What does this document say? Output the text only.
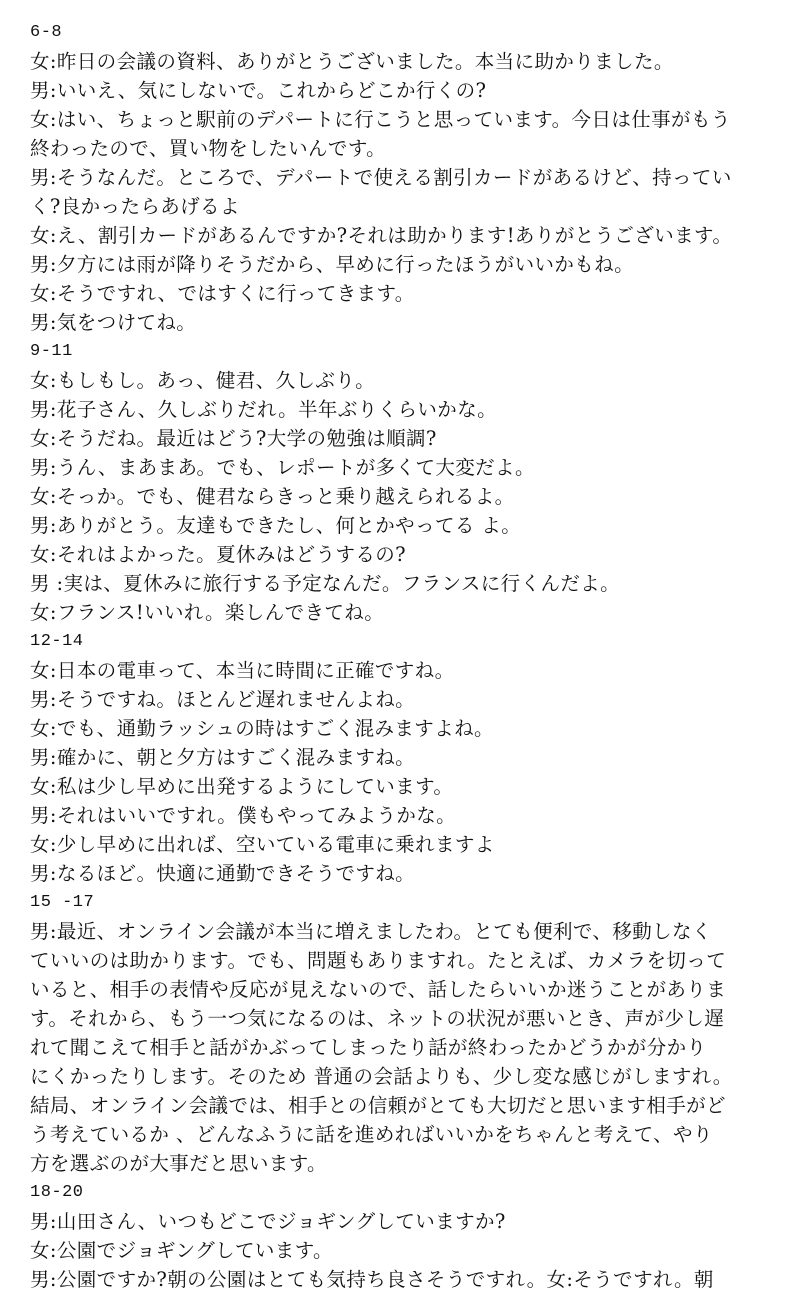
6-8
女:昨日の会議の資料、ありがとうございました。本当に助かりました。
男:いいえ、気にしないで。これからどこか行くの?
女:はい、ちょっと駅前のデパートに行こうと思っています。今日は仕事がもう
終わったので、買い物をしたいんです。
男:そうなんだ。ところで、デパートで使える割引カードがあるけど、持ってい
く?良かったらあげるよ
女:え、割引カードがあるんですか?それは助かります!ありがとうございます。
男:夕方には雨が降りそうだから、早めに行ったほうがいいかもね。
女:そうですれ、ではすくに行ってきます。
男:気をつけてね。
9-11
女:もしもし。あっ、健君、久しぶり。
男:花子さん、久しぶりだれ。半年ぶりくらいかな。
女:そうだね。最近はどう?大学の勉強は順調?
男:うん、まあまあ。でも、レポートが多くて大変だよ。
女:そっか。でも、健君ならきっと乗り越えられるよ。
男:ありがとう。友達もできたし、何とかやってる よ。
女:それはよかった。夏休みはどうするの?
男 :実は、夏休みに旅行する予定なんだ。フランスに行くんだよ。
女:フランス!いいれ。楽しんできてね。
12-14
女:日本の電車って、本当に時間に正確ですね。
男:そうですね。ほとんど遅れませんよね。
女:でも、通勤ラッシュの時はすごく混みますよね。
男:確かに、朝と夕方はすごく混みますね。
女:私は少し早めに出発するようにしています。
男:それはいいですれ。僕もやってみようかな。
女:少し早めに出れば、空いている電車に乗れますよ
男:なるほど。快適に通勤できそうですね。
15 -17
男:最近、オンライン会議が本当に増えましたわ。とても便利で、移動しなく
ていいのは助かります。でも、問題もありますれ。たとえば、カメラを切って
いると、相手の表情や反応が見えないので、話したらいいか迷うことがありま
す。それから、もう一つ気になるのは、ネットの状況が悪いとき、声が少し遅
れて聞こえて相手と話がかぶってしまったり話が終わったかどうかが分かり
にくかったりします。そのため 普通の会話よりも、少し変な感じがしますれ。
結局、オンライン会議では、相手との信頼がとても大切だと思います相手がど
う考えているか 、どんなふうに話を進めればいいかをちゃんと考えて、やり
方を選ぶのが大事だと思います。
18-20
男:山田さん、いつもどこでジョギングしていますか?
女:公園でジョギングしています。
男:公園ですか?朝の公園はとても気持ち良さそうですれ。女:そうですれ。朝
